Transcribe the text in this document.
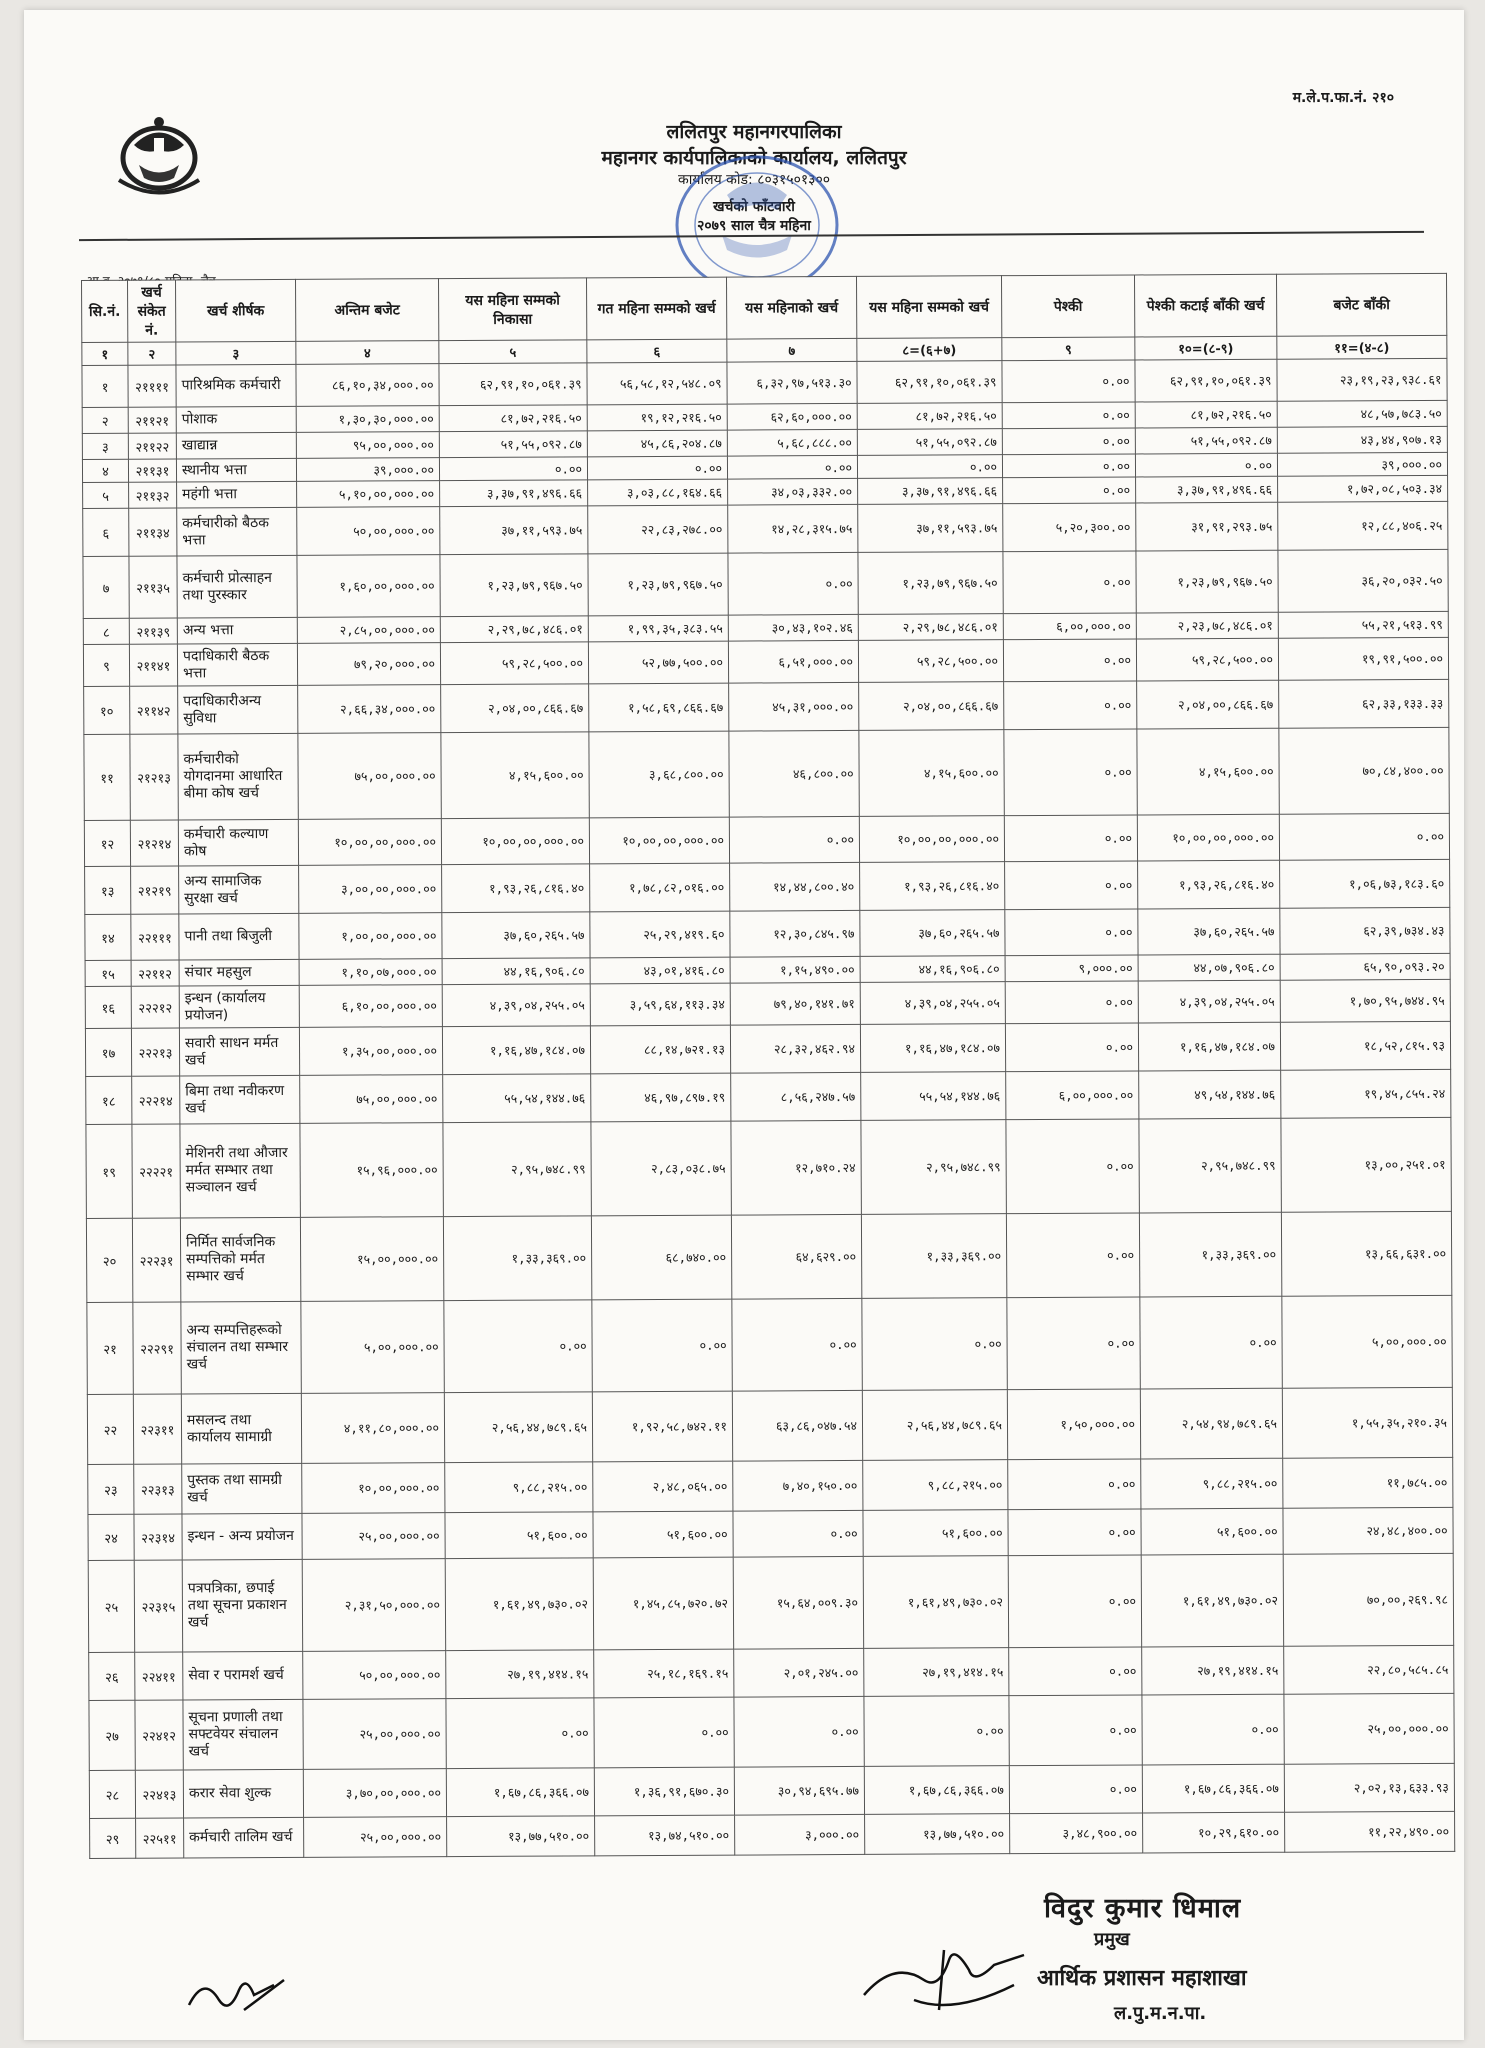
म.ले.प.फा.नं. २१०
ललितपुर महानगरपालिका
महानगर कार्यपालिकाको कार्यालय, ललितपुर
कार्यालय कोड: ८०३१५०१३००
खर्चको फाँटवारी
२०७९ साल चैत्र महिना
सि.नं.	खर्च संकेत नं.	खर्च शीर्षक	अन्तिम बजेट	यस महिना सम्मको निकासा	गत महिना सम्मको खर्च	यस महिनाको खर्च	यस महिना सम्मको खर्च	पेश्की	पेश्की कटाई बाँकी खर्च	बजेट बाँकी
१	२	३	४	५	६	७	८=(६+७)	९	१०=(८-९)	११=(४-८)
१	२११११	पारिश्रमिक कर्मचारी	८६,१०,३४,०००.००	६२,९१,१०,०६१.३९	५६,५८,१२,५४८.०९	६,३२,९७,५१३.३०	६२,९१,१०,०६१.३९	०.००	६२,९१,१०,०६१.३९	२३,१९,२३,९३८.६१
२	२११२१	पोशाक	१,३०,३०,०००.००	८१,७२,२१६.५०	१९,१२,२१६.५०	६२,६०,०००.००	८१,७२,२१६.५०	०.००	८१,७२,२१६.५०	४८,५७,७८३.५०
३	२११२२	खाद्यान्न	९५,००,०००.००	५१,५५,०९२.८७	४५,८६,२०४.८७	५,६८,८८८.००	५१,५५,०९२.८७	०.००	५१,५५,०९२.८७	४३,४४,९०७.१३
४	२११३१	स्थानीय भत्ता	३९,०००.००	०.००	०.००	०.००	०.००	०.००	०.००	३९,०००.००
५	२११३२	महंगी भत्ता	५,१०,००,०००.००	३,३७,९१,४९६.६६	३,०३,८८,१६४.६६	३४,०३,३३२.००	३,३७,९१,४९६.६६	०.००	३,३७,९१,४९६.६६	१,७२,०८,५०३.३४
६	२११३४	कर्मचारीको बैठक भत्ता	५०,००,०००.००	३७,११,५९३.७५	२२,८३,२७८.००	१४,२८,३१५.७५	३७,११,५९३.७५	५,२०,३००.००	३१,९१,२९३.७५	१२,८८,४०६.२५
७	२११३५	कर्मचारी प्रोत्साहन तथा पुरस्कार	१,६०,००,०००.००	१,२३,७९,९६७.५०	१,२३,७९,९६७.५०	०.००	१,२३,७९,९६७.५०	०.००	१,२३,७९,९६७.५०	३६,२०,०३२.५०
८	२११३९	अन्य भत्ता	२,८५,००,०००.००	२,२९,७८,४८६.०१	१,९९,३५,३८३.५५	३०,४३,१०२.४६	२,२९,७८,४८६.०१	६,००,०००.००	२,२३,७८,४८६.०१	५५,२१,५१३.९९
९	२११४१	पदाधिकारी बैठक भत्ता	७९,२०,०००.००	५९,२८,५००.००	५२,७७,५००.००	६,५१,०००.००	५९,२८,५००.००	०.००	५९,२८,५००.००	१९,९१,५००.००
१०	२११४२	पदाधिकारीअन्य सुविधा	२,६६,३४,०००.००	२,०४,००,८६६.६७	१,५८,६९,८६६.६७	४५,३१,०००.००	२,०४,००,८६६.६७	०.००	२,०४,००,८६६.६७	६२,३३,१३३.३३
११	२१२१३	कर्मचारीको योगदानमा आधारित बीमा कोष खर्च	७५,००,०००.००	४,१५,६००.००	३,६८,८००.००	४६,८००.००	४,१५,६००.००	०.००	४,१५,६००.००	७०,८४,४००.००
१२	२१२१४	कर्मचारी कल्याण कोष	१०,००,००,०००.००	१०,००,००,०००.००	१०,००,००,०००.००	०.००	१०,००,००,०००.००	०.००	१०,००,००,०००.००	०.००
१३	२१२१९	अन्य सामाजिक सुरक्षा खर्च	३,००,००,०००.००	१,९३,२६,८१६.४०	१,७८,८२,०१६.००	१४,४४,८००.४०	१,९३,२६,८१६.४०	०.००	१,९३,२६,८१६.४०	१,०६,७३,१८३.६०
१४	२२१११	पानी तथा बिजुली	१,००,००,०००.००	३७,६०,२६५.५७	२५,२९,४१९.६०	१२,३०,८४५.९७	३७,६०,२६५.५७	०.००	३७,६०,२६५.५७	६२,३९,७३४.४३
१५	२२११२	संचार महसुल	१,१०,०७,०००.००	४४,१६,९०६.८०	४३,०१,४१६.८०	१,१५,४९०.००	४४,१६,९०६.८०	९,०००.००	४४,०७,९०६.८०	६५,९०,०९३.२०
१६	२२२१२	इन्धन (कार्यालय प्रयोजन)	६,१०,००,०००.००	४,३९,०४,२५५.०५	३,५९,६४,११३.३४	७९,४०,१४१.७१	४,३९,०४,२५५.०५	०.००	४,३९,०४,२५५.०५	१,७०,९५,७४४.९५
१७	२२२१३	सवारी साधन मर्मत खर्च	१,३५,००,०००.००	१,१६,४७,१८४.०७	८८,१४,७२१.१३	२८,३२,४६२.९४	१,१६,४७,१८४.०७	०.००	१,१६,४७,१८४.०७	१८,५२,८१५.९३
१८	२२२१४	बिमा तथा नवीकरण खर्च	७५,००,०००.००	५५,५४,१४४.७६	४६,९७,८९७.१९	८,५६,२४७.५७	५५,५४,१४४.७६	६,००,०००.००	४९,५४,१४४.७६	१९,४५,८५५.२४
१९	२२२२१	मेशिनरी तथा औजार मर्मत सम्भार तथा सञ्चालन खर्च	१५,९६,०००.००	२,९५,७४८.९९	२,८३,०३८.७५	१२,७१०.२४	२,९५,७४८.९९	०.००	२,९५,७४८.९९	१३,००,२५१.०१
२०	२२२३१	निर्मित सार्वजनिक सम्पत्तिको मर्मत सम्भार खर्च	१५,००,०००.००	१,३३,३६९.००	६८,७४०.००	६४,६२९.००	१,३३,३६९.००	०.००	१,३३,३६९.००	१३,६६,६३१.००
२१	२२२९१	अन्य सम्पत्तिहरूको संचालन तथा सम्भार खर्च	५,००,०००.००	०.००	०.००	०.००	०.००	०.००	०.००	५,००,०००.००
२२	२२३११	मसलन्द तथा कार्यालय सामाग्री	४,११,८०,०००.००	२,५६,४४,७८९.६५	१,९२,५८,७४२.११	६३,८६,०४७.५४	२,५६,४४,७८९.६५	१,५०,०००.००	२,५४,९४,७८९.६५	१,५५,३५,२१०.३५
२३	२२३१३	पुस्तक तथा सामग्री खर्च	१०,००,०००.००	९,८८,२१५.००	२,४८,०६५.००	७,४०,१५०.००	९,८८,२१५.००	०.००	९,८८,२१५.००	११,७८५.००
२४	२२३१४	इन्धन - अन्य प्रयोजन	२५,००,०००.००	५१,६००.००	५१,६००.००	०.००	५१,६००.००	०.००	५१,६००.००	२४,४८,४००.००
२५	२२३१५	पत्रपत्रिका, छपाई तथा सूचना प्रकाशन खर्च	२,३१,५०,०००.००	१,६१,४९,७३०.०२	१,४५,८५,७२०.७२	१५,६४,००९.३०	१,६१,४९,७३०.०२	०.००	१,६१,४९,७३०.०२	७०,००,२६९.९८
२६	२२४११	सेवा र परामर्श खर्च	५०,००,०००.००	२७,१९,४१४.१५	२५,१८,१६९.१५	२,०१,२४५.००	२७,१९,४१४.१५	०.००	२७,१९,४१४.१५	२२,८०,५८५.८५
२७	२२४१२	सूचना प्रणाली तथा सफ्टवेयर संचालन खर्च	२५,००,०००.००	०.००	०.००	०.००	०.००	०.००	०.००	२५,००,०००.००
२८	२२४१३	करार सेवा शुल्क	३,७०,००,०००.००	१,६७,८६,३६६.०७	१,३६,९१,६७०.३०	३०,९४,६९५.७७	१,६७,८६,३६६.०७	०.००	१,६७,८६,३६६.०७	२,०२,१३,६३३.९३
२९	२२५११	कर्मचारी तालिम खर्च	२५,००,०००.००	१३,७७,५१०.००	१३,७४,५१०.००	३,०००.००	१३,७७,५१०.००	३,४८,९००.००	१०,२९,६१०.००	११,२२,४९०.००
विदुर कुमार धिमाल
प्रमुख
आर्थिक प्रशासन महाशाखा
ल.पु.म.न.पा.
